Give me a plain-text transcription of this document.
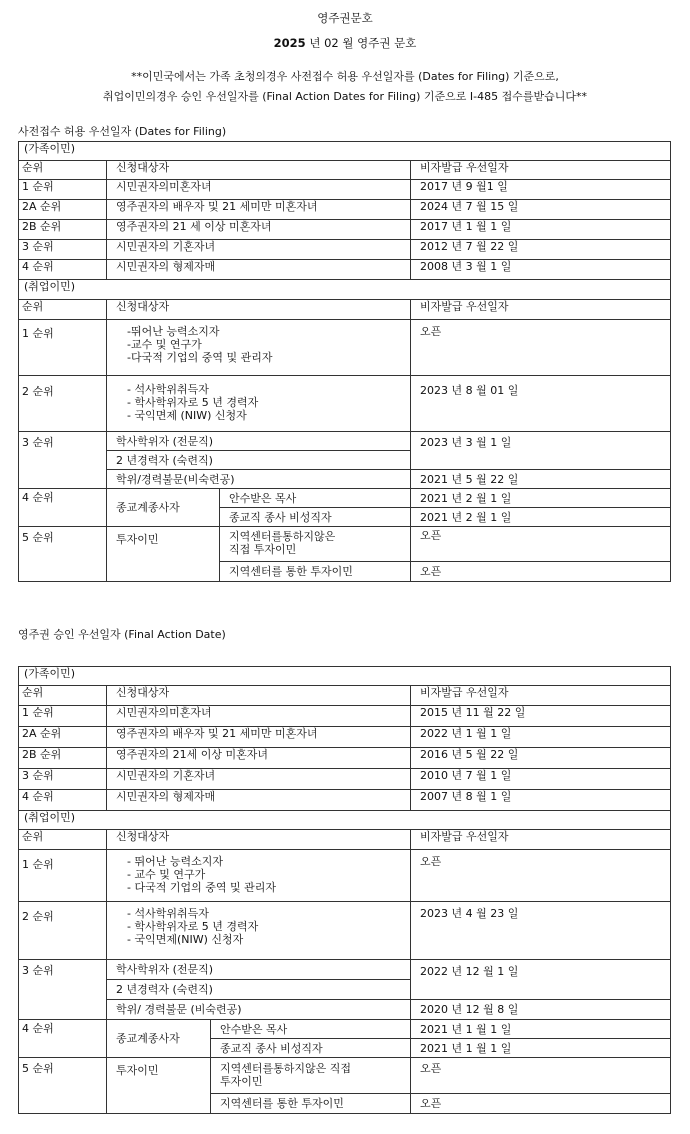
영주권문호
2025 년 02 월 영주권 문호
**이민국에서는 가족 초청의경우 사전접수 허용 우선일자를 (Dates for Filing) 기준으로,
취업이민의경우 승인 우선일자를 (Final Action Dates for Filing) 기준으로 I-485 접수를받습니다**
사전접수 허용 우선일자 (Dates for Filing)
(가족이민)			
순위	신청대상자		비자발급 우선일자
1 순위	시민권자의미혼자녀		2017 년 9 월1 일
2A 순위	영주권자의 배우자 및 21 세미만 미혼자녀		2024 년 7 월 15 일
2B 순위	영주권자의 21 세 이상 미혼자녀		2017 년 1 월 1 일
3 순위	시민권자의 기혼자녀		2012 년 7 월 22 일
4 순위	시민권자의 형제자매		2008 년 3 월 1 일
(취업이민)			
순위	신청대상자		비자발급 우선일자
1 순위	-뛰어난 능력소지자
-교수 및 연구가
-다국적 기업의 중역 및 관리자		오픈
2 순위	- 석사학위취득자
- 학사학위자로 5 년 경력자
- 국익면제 (NIW) 신청자		2023 년 8 월 01 일
3 순위	학사학위자 (전문직)		2023 년 3 월 1 일
	2 년경력자 (숙련직)		
	학위/경력불문(비숙련공)		2021 년 5 월 22 일
4 순위	종교계종사자	안수받은 목사	2021 년 2 월 1 일
		종교직 종사 비성직자	2021 년 2 월 1 일
5 순위	투자이민	지역센터를통하지않은
직접 투자이민	오픈
		지역센터를 통한 투자이민	오픈
영주권 승인 우선일자 (Final Action Date)
(가족이민)			
순위	신청대상자		비자발급 우선일자
1 순위	시민권자의미혼자녀		2015 년 11 월 22 일
2A 순위	영주권자의 배우자 및 21 세미만 미혼자녀		2022 년 1 월 1 일
2B 순위	영주권자의 21세 이상 미혼자녀		2016 년 5 월 22 일
3 순위	시민권자의 기혼자녀		2010 년 7 월 1 일
4 순위	시민권자의 형제자매		2007 년 8 월 1 일
(취업이민)			
순위	신청대상자		비자발급 우선일자
1 순위	- 뛰어난 능력소지자
- 교수 및 연구가
- 다국적 기업의 중역 및 관리자		오픈
2 순위	- 석사학위취득자
- 학사학위자로 5 년 경력자
- 국익면제(NIW) 신청자		2023 년 4 월 23 일
3 순위	학사학위자 (전문직)		2022 년 12 월 1 일
	2 년경력자 (숙련직)		
	학위/ 경력불문 (비숙련공)		2020 년 12 월 8 일
4 순위	종교계종사자	안수받은 목사	2021 년 1 월 1 일
		종교직 종사 비성직자	2021 년 1 월 1 일
5 순위	투자이민	지역센터를통하지않은 직접
투자이민	오픈
		지역센터를 통한 투자이민	오픈
